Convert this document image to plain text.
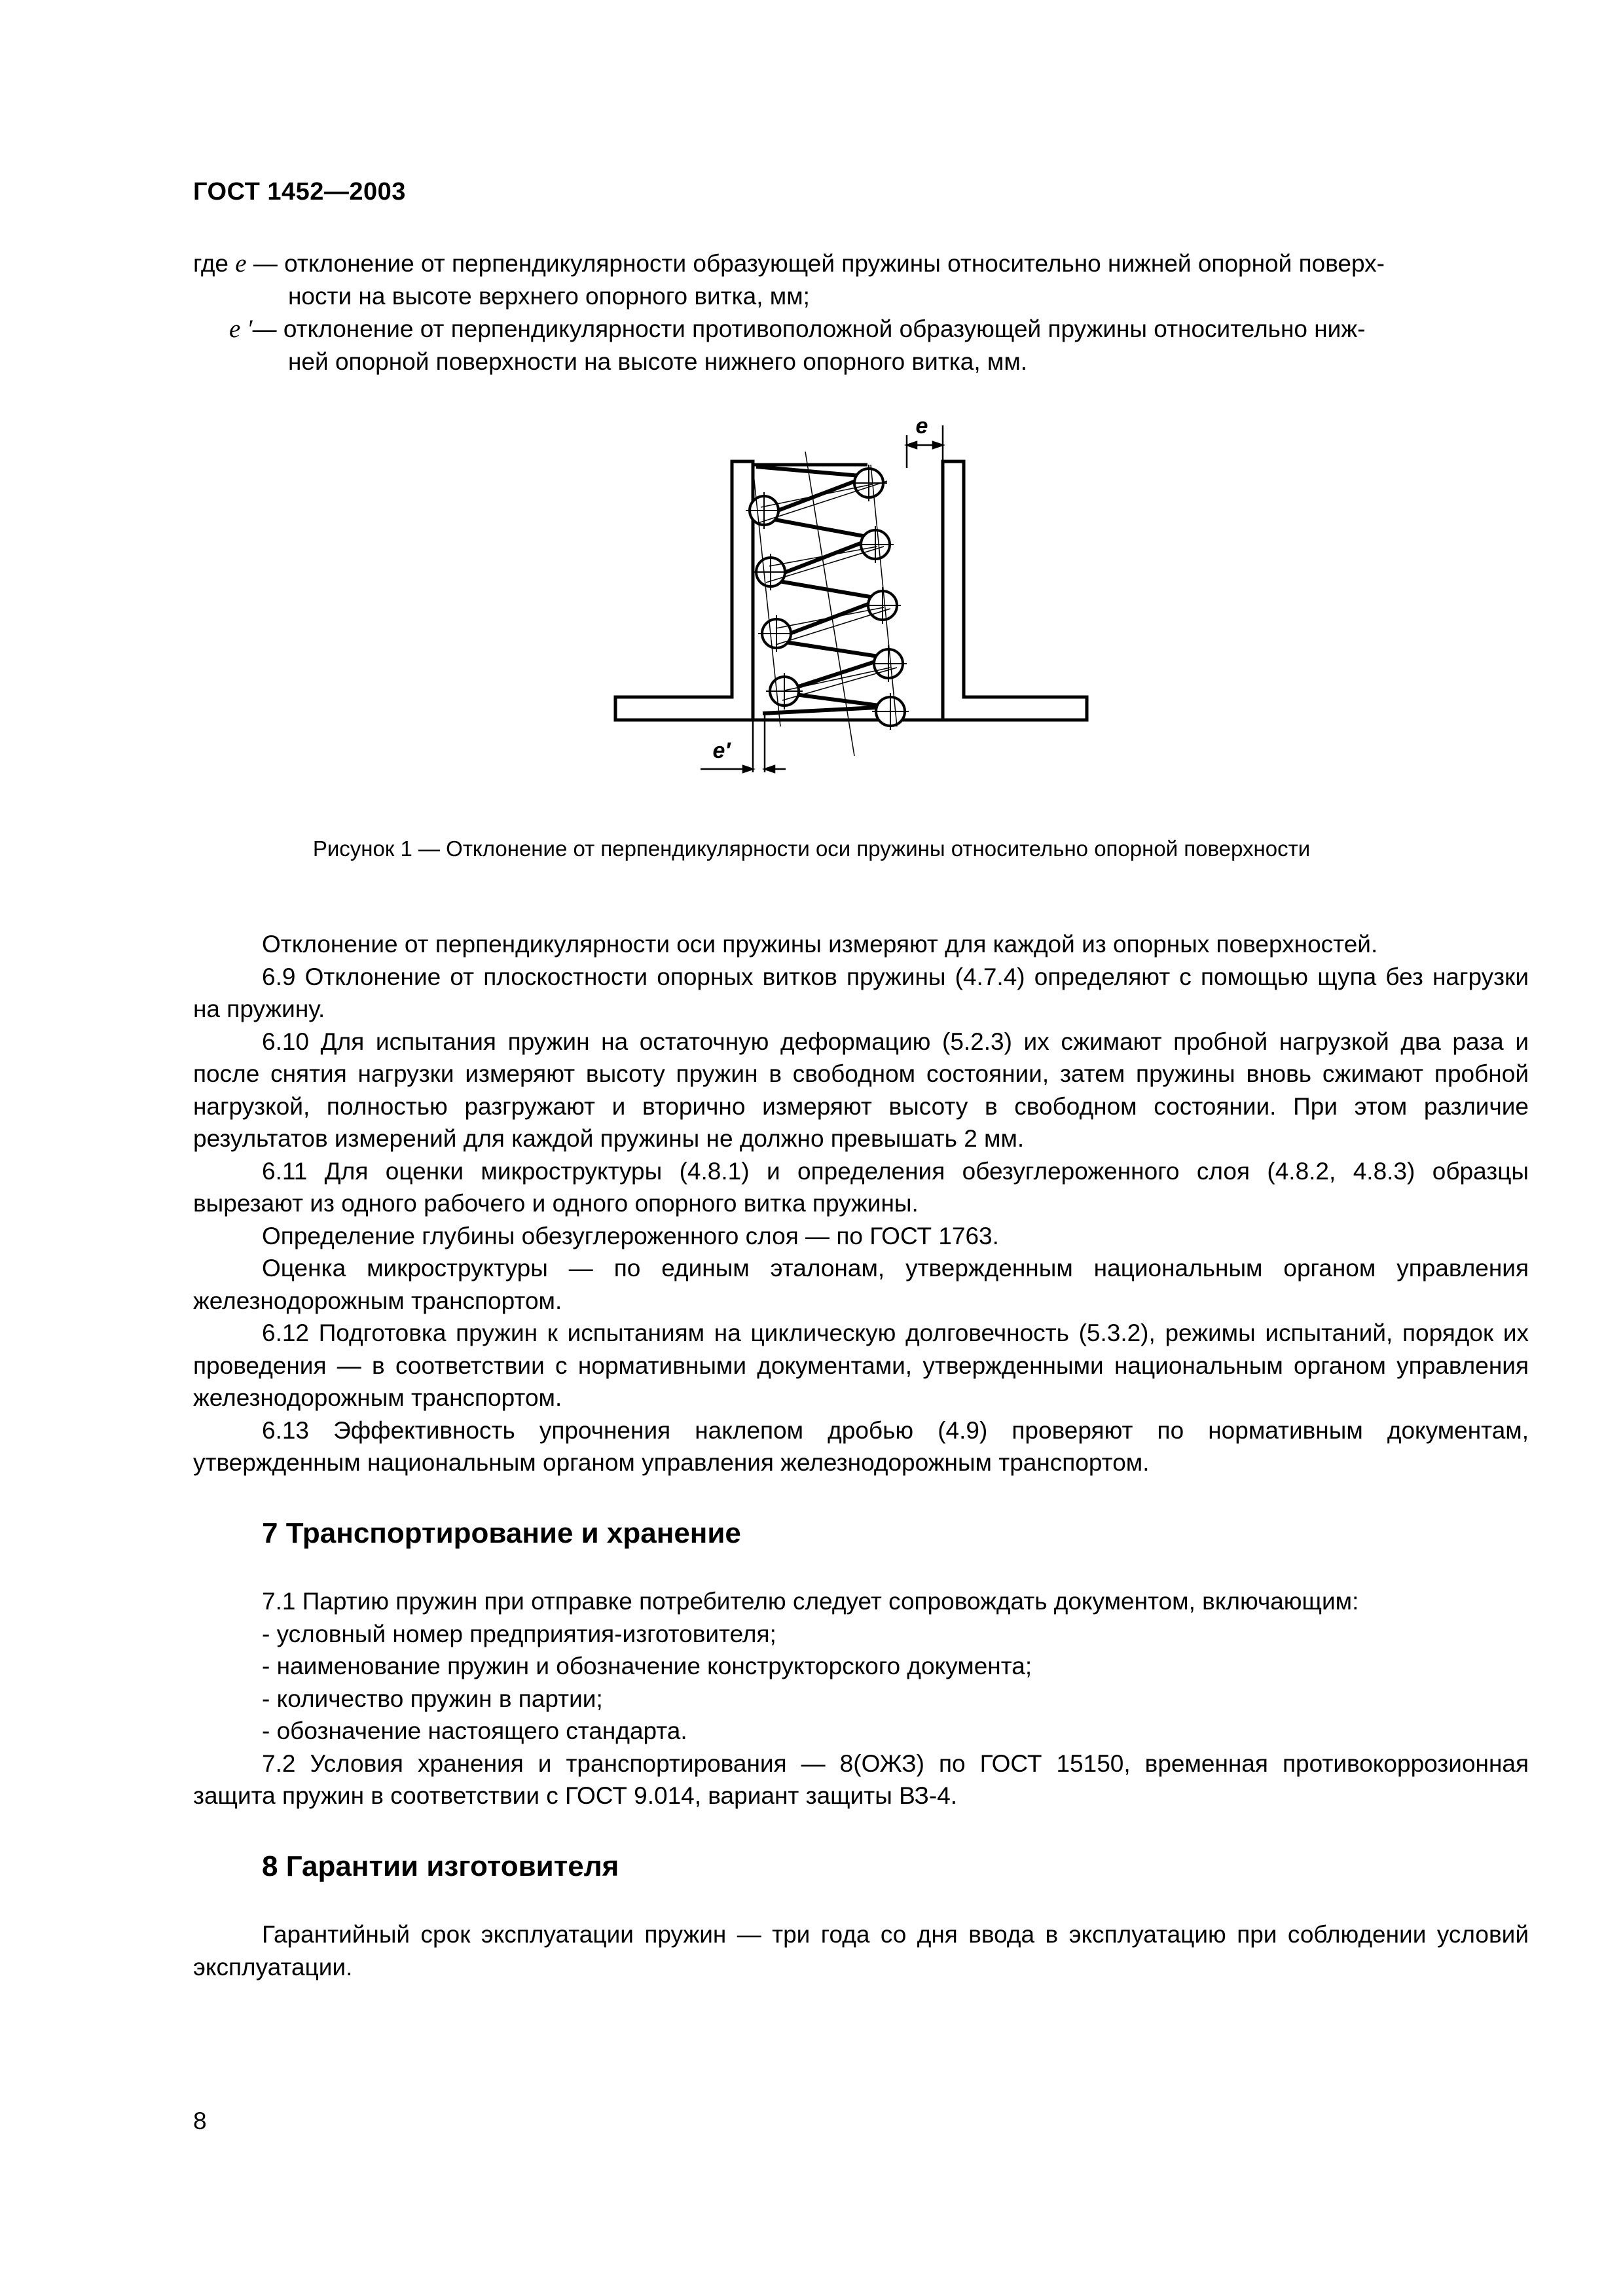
ГОСТ 1452—2003
где e — отклонение от перпендикулярности образующей пружины относительно нижней опорной поверх-
ности на высоте верхнего опорного витка, мм;
e ′— отклонение от перпендикулярности противоположной образующей пружины относительно ниж-
ней опорной поверхности на высоте нижнего опорного витка, мм.
e
e′
Рисунок 1 — Отклонение от перпендикулярности оси пружины относительно опорной поверхности

Отклонение от перпендикулярности оси пружины измеряют для каждой из опорных поверхностей.

6.9 Отклонение от плоскостности опорных витков пружины (4.7.4) определяют с помощью щупа без нагрузки на пружину.

6.10 Для испытания пружин на остаточную деформацию (5.2.3) их сжимают пробной нагрузкой два раза и после снятия нагрузки измеряют высоту пружин в свободном состоянии, затем пружины вновь сжимают пробной нагрузкой, полностью разгружают и вторично измеряют высоту в свободном состоянии. При этом различие результатов измерений для каждой пружины не должно превышать 2 мм.

6.11 Для оценки микроструктуры (4.8.1) и определения обезуглероженного слоя (4.8.2, 4.8.3) образцы вырезают из одного рабочего и одного опорного витка пружины.

Определение глубины обезуглероженного слоя — по ГОСТ 1763.

Оценка микроструктуры — по единым эталонам, утвержденным национальным органом управления железнодорожным транспортом.

6.12 Подготовка пружин к испытаниям на циклическую долговечность (5.3.2), режимы испытаний, порядок их проведения — в соответствии с нормативными документами, утвержденными национальным органом управления железнодорожным транспортом.

6.13 Эффективность упрочнения наклепом дробью (4.9) проверяют по нормативным документам, утвержденным национальным органом управления железнодорожным транспортом.

7 Транспортирование и хранение

7.1 Партию пружин при отправке потребителю следует сопровождать документом, включающим:

- условный номер предприятия-изготовителя;

- наименование пружин и обозначение конструкторского документа;

- количество пружин в партии;

- обозначение настоящего стандарта.

7.2 Условия хранения и транспортирования — 8(ОЖЗ) по ГОСТ 15150, временная противокоррозионная защита пружин в соответствии с ГОСТ 9.014, вариант защиты ВЗ-4.

8 Гарантии изготовителя

Гарантийный срок эксплуатации пружин — три года со дня ввода в эксплуатацию при соблюдении условий эксплуатации.

8
